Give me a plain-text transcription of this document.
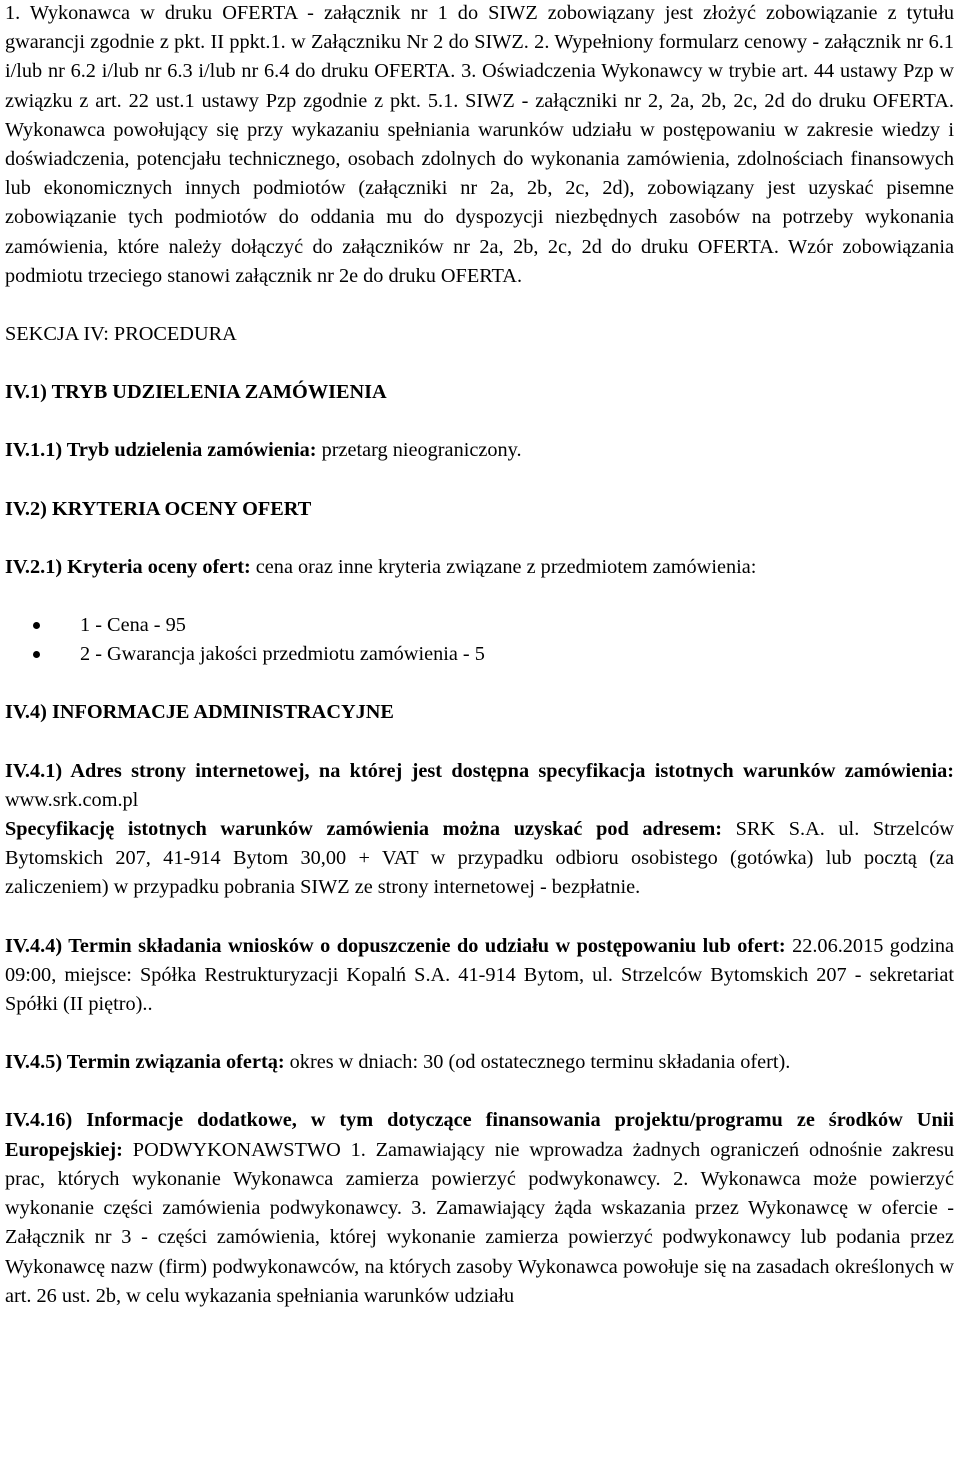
1. Wykonawca w druku OFERTA - załącznik nr 1 do SIWZ zobowiązany jest złożyć zobowiązanie z tytułu gwarancji zgodnie z pkt. II ppkt.1. w Załączniku Nr 2 do SIWZ. 2. Wypełniony formularz cenowy - załącznik nr 6.1 i/lub nr 6.2 i/lub nr 6.3 i/lub nr 6.4 do druku OFERTA. 3. Oświadczenia Wykonawcy w trybie art. 44 ustawy Pzp w związku z art. 22 ust.1 ustawy Pzp zgodnie z pkt. 5.1. SIWZ - załączniki nr 2, 2a, 2b, 2c, 2d do druku OFERTA. Wykonawca powołujący się przy wykazaniu spełniania warunków udziału w postępowaniu w zakresie wiedzy i doświadczenia, potencjału technicznego, osobach zdolnych do wykonania zamówienia, zdolnościach finansowych lub ekonomicznych innych podmiotów (załączniki nr 2a, 2b, 2c, 2d), zobowiązany jest uzyskać pisemne zobowiązanie tych podmiotów do oddania mu do dyspozycji niezbędnych zasobów na potrzeby wykonania zamówienia, które należy dołączyć do załączników nr 2a, 2b, 2c, 2d do druku OFERTA. Wzór zobowiązania podmiotu trzeciego stanowi załącznik nr 2e do druku OFERTA.

SEKCJA IV: PROCEDURA

IV.1) TRYB UDZIELENIA ZAMÓWIENIA

IV.1.1) Tryb udzielenia zamówienia: przetarg nieograniczony.

IV.2) KRYTERIA OCENY OFERT

IV.2.1) Kryteria oceny ofert: cena oraz inne kryteria związane z przedmiotem zamówienia:

1 - Cena - 95
2 - Gwarancja jakości przedmiotu zamówienia - 5

IV.4) INFORMACJE ADMINISTRACYJNE

IV.4.1) Adres strony internetowej, na której jest dostępna specyfikacja istotnych warunków zamówienia: www.srk.com.pl

Specyfikację istotnych warunków zamówienia można uzyskać pod adresem: SRK S.A. ul. Strzelców Bytomskich 207, 41-914 Bytom 30,00 + VAT w przypadku odbioru osobistego (gotówka) lub pocztą (za zaliczeniem) w przypadku pobrania SIWZ ze strony internetowej - bezpłatnie.

IV.4.4) Termin składania wniosków o dopuszczenie do udziału w postępowaniu lub ofert: 22.06.2015 godzina 09:00, miejsce: Spółka Restrukturyzacji Kopalń S.A. 41-914 Bytom, ul. Strzelców Bytomskich 207 - sekretariat Spółki (II piętro)..

IV.4.5) Termin związania ofertą: okres w dniach: 30 (od ostatecznego terminu składania ofert).

IV.4.16) Informacje dodatkowe, w tym dotyczące finansowania projektu/programu ze środków Unii Europejskiej: PODWYKONAWSTWO 1. Zamawiający nie wprowadza żadnych ograniczeń odnośnie zakresu prac, których wykonanie Wykonawca zamierza powierzyć podwykonawcy. 2. Wykonawca może powierzyć wykonanie części zamówienia podwykonawcy. 3. Zamawiający żąda wskazania przez Wykonawcę w ofercie - Załącznik nr 3 - części zamówienia, której wykonanie zamierza powierzyć podwykonawcy lub podania przez Wykonawcę nazw (firm) podwykonawców, na których zasoby Wykonawca powołuje się na zasadach określonych w art. 26 ust. 2b, w celu wykazania spełniania warunków udziału
